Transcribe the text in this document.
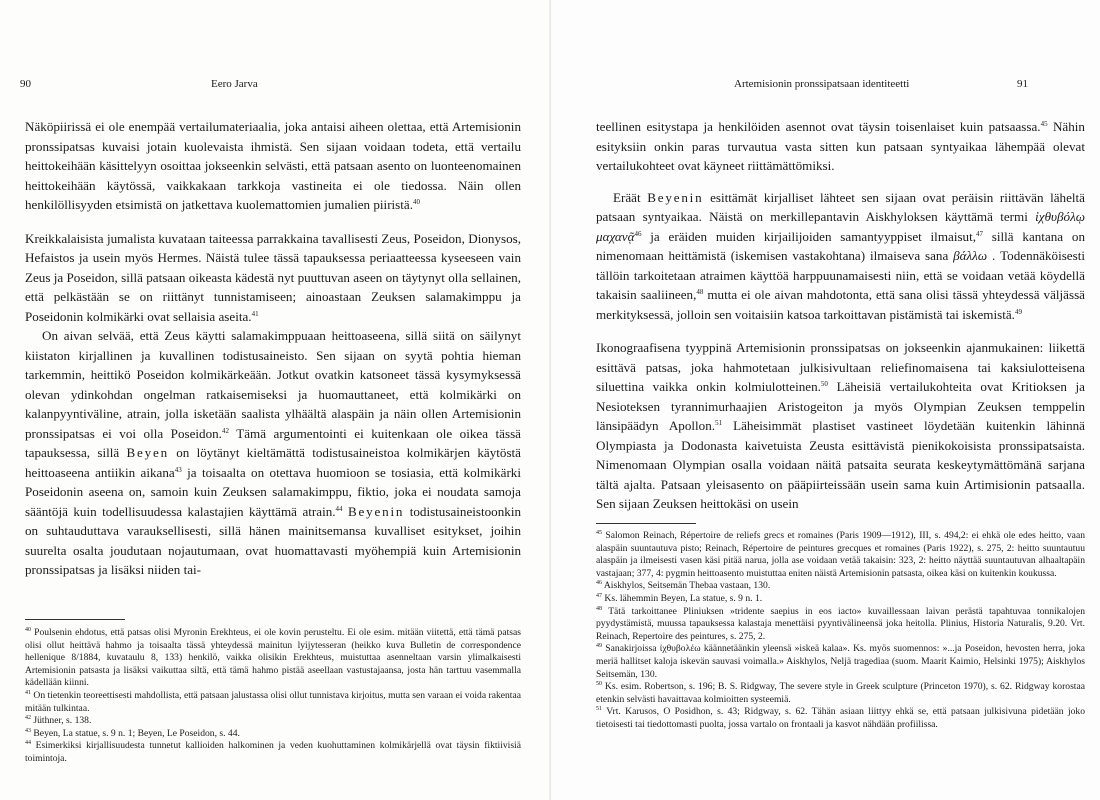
90	Eero Jarva

Näköpiirissä ei ole enempää vertailumateriaalia, joka antaisi aiheen olettaa, että Artemisionin pronssipatsas kuvaisi jotain kuolevaista ihmistä. Sen sijaan voidaan todeta, että vertailu heittokeihään käsittelyyn osoittaa jokseenkin selvästi, että patsaan asento on luonteenomainen heittokeihään käytössä, vaikkakaan tarkkoja vastineita ei ole tiedossa. Näin ollen henkilöllisyyden etsimistä on jatkettava kuolemattomien jumalien piiristä.$^{40}$

Kreikkalaisista jumalista kuvataan taiteessa parrakkaina tavallisesti Zeus, Poseidon, Dionysos, Hefaistos ja usein myös Hermes. Näistä tulee tässä tapauksessa periaatteessa kyseeseen vain Zeus ja Poseidon, sillä patsaan oikeasta kädestä nyt puuttuvan aseen on täytynyt olla sellainen, että pelkästään se on riittänyt tunnistamiseen; ainoastaan Zeuksen salamakimppu ja Poseidonin kolmikärki ovat sellaisia aseita.$^{41}$

On aivan selvää, että Zeus käytti salamakimppuaan heittoaseena, sillä siitä on säilynyt kiistaton kirjallinen ja kuvallinen todistusaineisto. Sen sijaan on syytä pohtia hieman tarkemmin, heittikö Poseidon kolmikärkeään. Jotkut ovatkin katsoneet tässä kysymyksessä olevan ydinkohdan ongelman ratkaisemiseksi ja huomauttaneet, että kolmikärki on kalanpyyntiväline, atrain, jolla isketään saalista ylhäältä alaspäin ja näin ollen Artemisionin pronssipatsas ei voi olla Poseidon.$^{42}$ Tämä argumentointi ei kuitenkaan ole oikea tässä tapauksessa, sillä Beyen on löytänyt kieltämättä todistusaineistoa kolmikärjen käytöstä heittoaseena antiikin aikana$^{43}$ ja toisaalta on otettava huomioon se tosiasia, että kolmikärki Poseidonin aseena on, samoin kuin Zeuksen salamakimppu, fiktio, joka ei noudata samoja sääntöjä kuin todellisuudessa kalastajien käyttämä atrain.$^{44}$ Beyenin todistusaineistoonkin on suhtauduttava varauksellisesti, sillä hänen mainitsemansa kuvalliset esitykset, joihin suurelta osalta joudutaan nojautumaan, ovat huomattavasti myöhempiä kuin Artemisionin pronssipatsas ja lisäksi niiden tai-

$^{40}$ Poulsenin ehdotus, että patsas olisi Myronin Erekhteus, ei ole kovin perusteltu. Ei ole esim. mitään viitettä, että tämä patsas olisi ollut heittävä hahmo ja toisaalta tässä yhteydessä mainitun lyijytesseran (heikko kuva Bulletin de correspondence hellenique 8/1884, kuvataulu 8, 133) henkilö, vaikka olisikin Erekhteus, muistuttaa asenneltaan varsin ylimalkaisesti Artemisionin patsasta ja lisäksi vaikuttaa siltä, että tämä hahmo pistää aseellaan vastustajaansa, josta hän tarttuu vasemmalla kädellään kiinni.

$^{41}$ On tietenkin teoreettisesti mahdollista, että patsaan jalustassa olisi ollut tunnistava kirjoitus, mutta sen varaan ei voida rakentaa mitään tulkintaa.

$^{42}$ Jüthner, s. 138.

$^{43}$ Beyen, La statue, s. 9 n. 1; Beyen, Le Poseidon, s. 44.

$^{44}$ Esimerkiksi kirjallisuudesta tunnetut kallioiden halkominen ja veden kuohuttaminen kolmikärjellä ovat täysin fiktiivisiä toimintoja.

Artemisionin pronssipatsaan identiteetti	91

teellinen esitystapa ja henkilöiden asennot ovat täysin toisenlaiset kuin patsaassa.$^{45}$ Nähin esityksiin onkin paras turvautua vasta sitten kun patsaan syntyaikaa lähempää olevat vertailukohteet ovat käyneet riittämättömiksi.

Eräät Beyenin esittämät kirjalliset lähteet sen sijaan ovat peräisin riittävän läheltä patsaan syntyaikaa. Näistä on merkillepantavin Aiskhyloksen käyttämä termi ἰχθυβόλῳ μαχανᾷ$^{46}$ ja eräiden muiden kirjailijoiden samantyyppiset ilmaisut,$^{47}$ sillä kantana on nimenomaan heittämistä (iskemisen vastakohtana) ilmaiseva sana βάλλω . Todennäköisesti tällöin tarkoitetaan atraimen käyttöä harppuunamaisesti niin, että se voidaan vetää köydellä takaisin saaliineen,$^{48}$ mutta ei ole aivan mahdotonta, että sana olisi tässä yhteydessä väljässä merkityksessä, jolloin sen voitaisiin katsoa tarkoittavan pistämistä tai iskemistä.$^{49}$

Ikonograafisena tyyppinä Artemisionin pronssipatsas on jokseenkin ajanmukainen: liikettä esittävä patsas, joka hahmotetaan julkisivultaan reliefinomaisena tai kaksiulotteisena siluettina vaikka onkin kolmiulotteinen.$^{50}$ Läheisiä vertailukohteita ovat Kritioksen ja Nesioteksen tyrannimurhaajien Aristogeiton ja myös Olympian Zeuksen temppelin länsipäädyn Apollon.$^{51}$ Läheisimmät plastiset vastineet löydetään kuitenkin lähinnä Olympiasta ja Dodonasta kaivetuista Zeusta esittävistä pienikokoisista pronssipatsaista. Nimenomaan Olympian osalla voidaan näitä patsaita seurata keskeytymättömänä sarjana tältä ajalta. Patsaan yleisasento on pääpiirteissään usein sama kuin Artimisionin patsaalla. Sen sijaan Zeuksen heittokäsi on usein

$^{45}$ Salomon Reinach, Répertoire de reliefs grecs et romaines (Paris 1909—1912), III, s. 494,2: ei ehkä ole edes heitto, vaan alaspäin suuntautuva pisto; Reinach, Répertoire de peintures grecques et romaines (Paris 1922), s. 275, 2: heitto suuntautuu alaspäin ja ilmeisesti vasen käsi pitää narua, jolla ase voidaan vetää takaisin: 323, 2: heitto näyttää suuntautuvan alhaaltapäin vastajaan; 377, 4: pygmin heittoasento muistuttaa eniten näistä Artemisionin patsasta, oikea käsi on kuitenkin koukussa.

$^{46}$ Aiskhylos, Seitsemän Thebaa vastaan, 130.

$^{47}$ Ks. lähemmin Beyen, La statue, s. 9 n. 1.

$^{48}$ Tätä tarkoittanee Pliniuksen »tridente saepius in eos iacto» kuvaillessaan laivan perästä tapahtuvaa tonnikalojen pyydystämistä, muussa tapauksessa kalastaja menettäisi pyyntivälineensä joka heitolla. Plinius, Historia Naturalis, 9.20. Vrt. Reinach, Repertoire des peintures, s. 275, 2.

$^{49}$ Sanakirjoissa ἰχθυβολέω käännetäänkin yleensä »iskeä kalaa». Ks. myös suomennos: »...ja Poseidon, hevosten herra, joka meriä hallitset kaloja iskevän sauvasi voimalla.» Aiskhylos, Neljä tragediaa (suom. Maarit Kaimio, Helsinki 1975); Aiskhylos Seitsemän, 130.

$^{50}$ Ks. esim. Robertson, s. 196; B. S. Ridgway, The severe style in Greek sculpture (Princeton 1970), s. 62. Ridgway korostaa etenkin selvästi havaittavaa kolmioitten systeemiä.

$^{51}$ Vrt. Karusos, O Posidhon, s. 43; Ridgway, s. 62. Tähän asiaan liittyy ehkä se, että patsaan julkisivuna pidetään joko tietoisesti tai tiedottomasti puolta, jossa vartalo on frontaali ja kasvot nähdään profiilissa.
